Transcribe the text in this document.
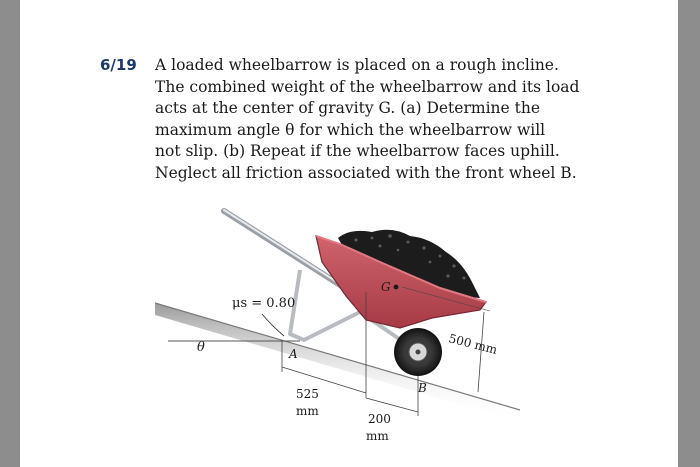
6/19 A loaded wheelbarrow is placed on a rough incline.
The combined weight of the wheelbarrow and its load
acts at the center of gravity G. (a) Determine the
maximum angle θ for which the wheelbarrow will
not slip. (b) Repeat if the wheelbarrow faces uphill.
Neglect all friction associated with the front wheel B.
G
A
B
μs = 0.80
θ
525
mm
200
mm
500 mm
